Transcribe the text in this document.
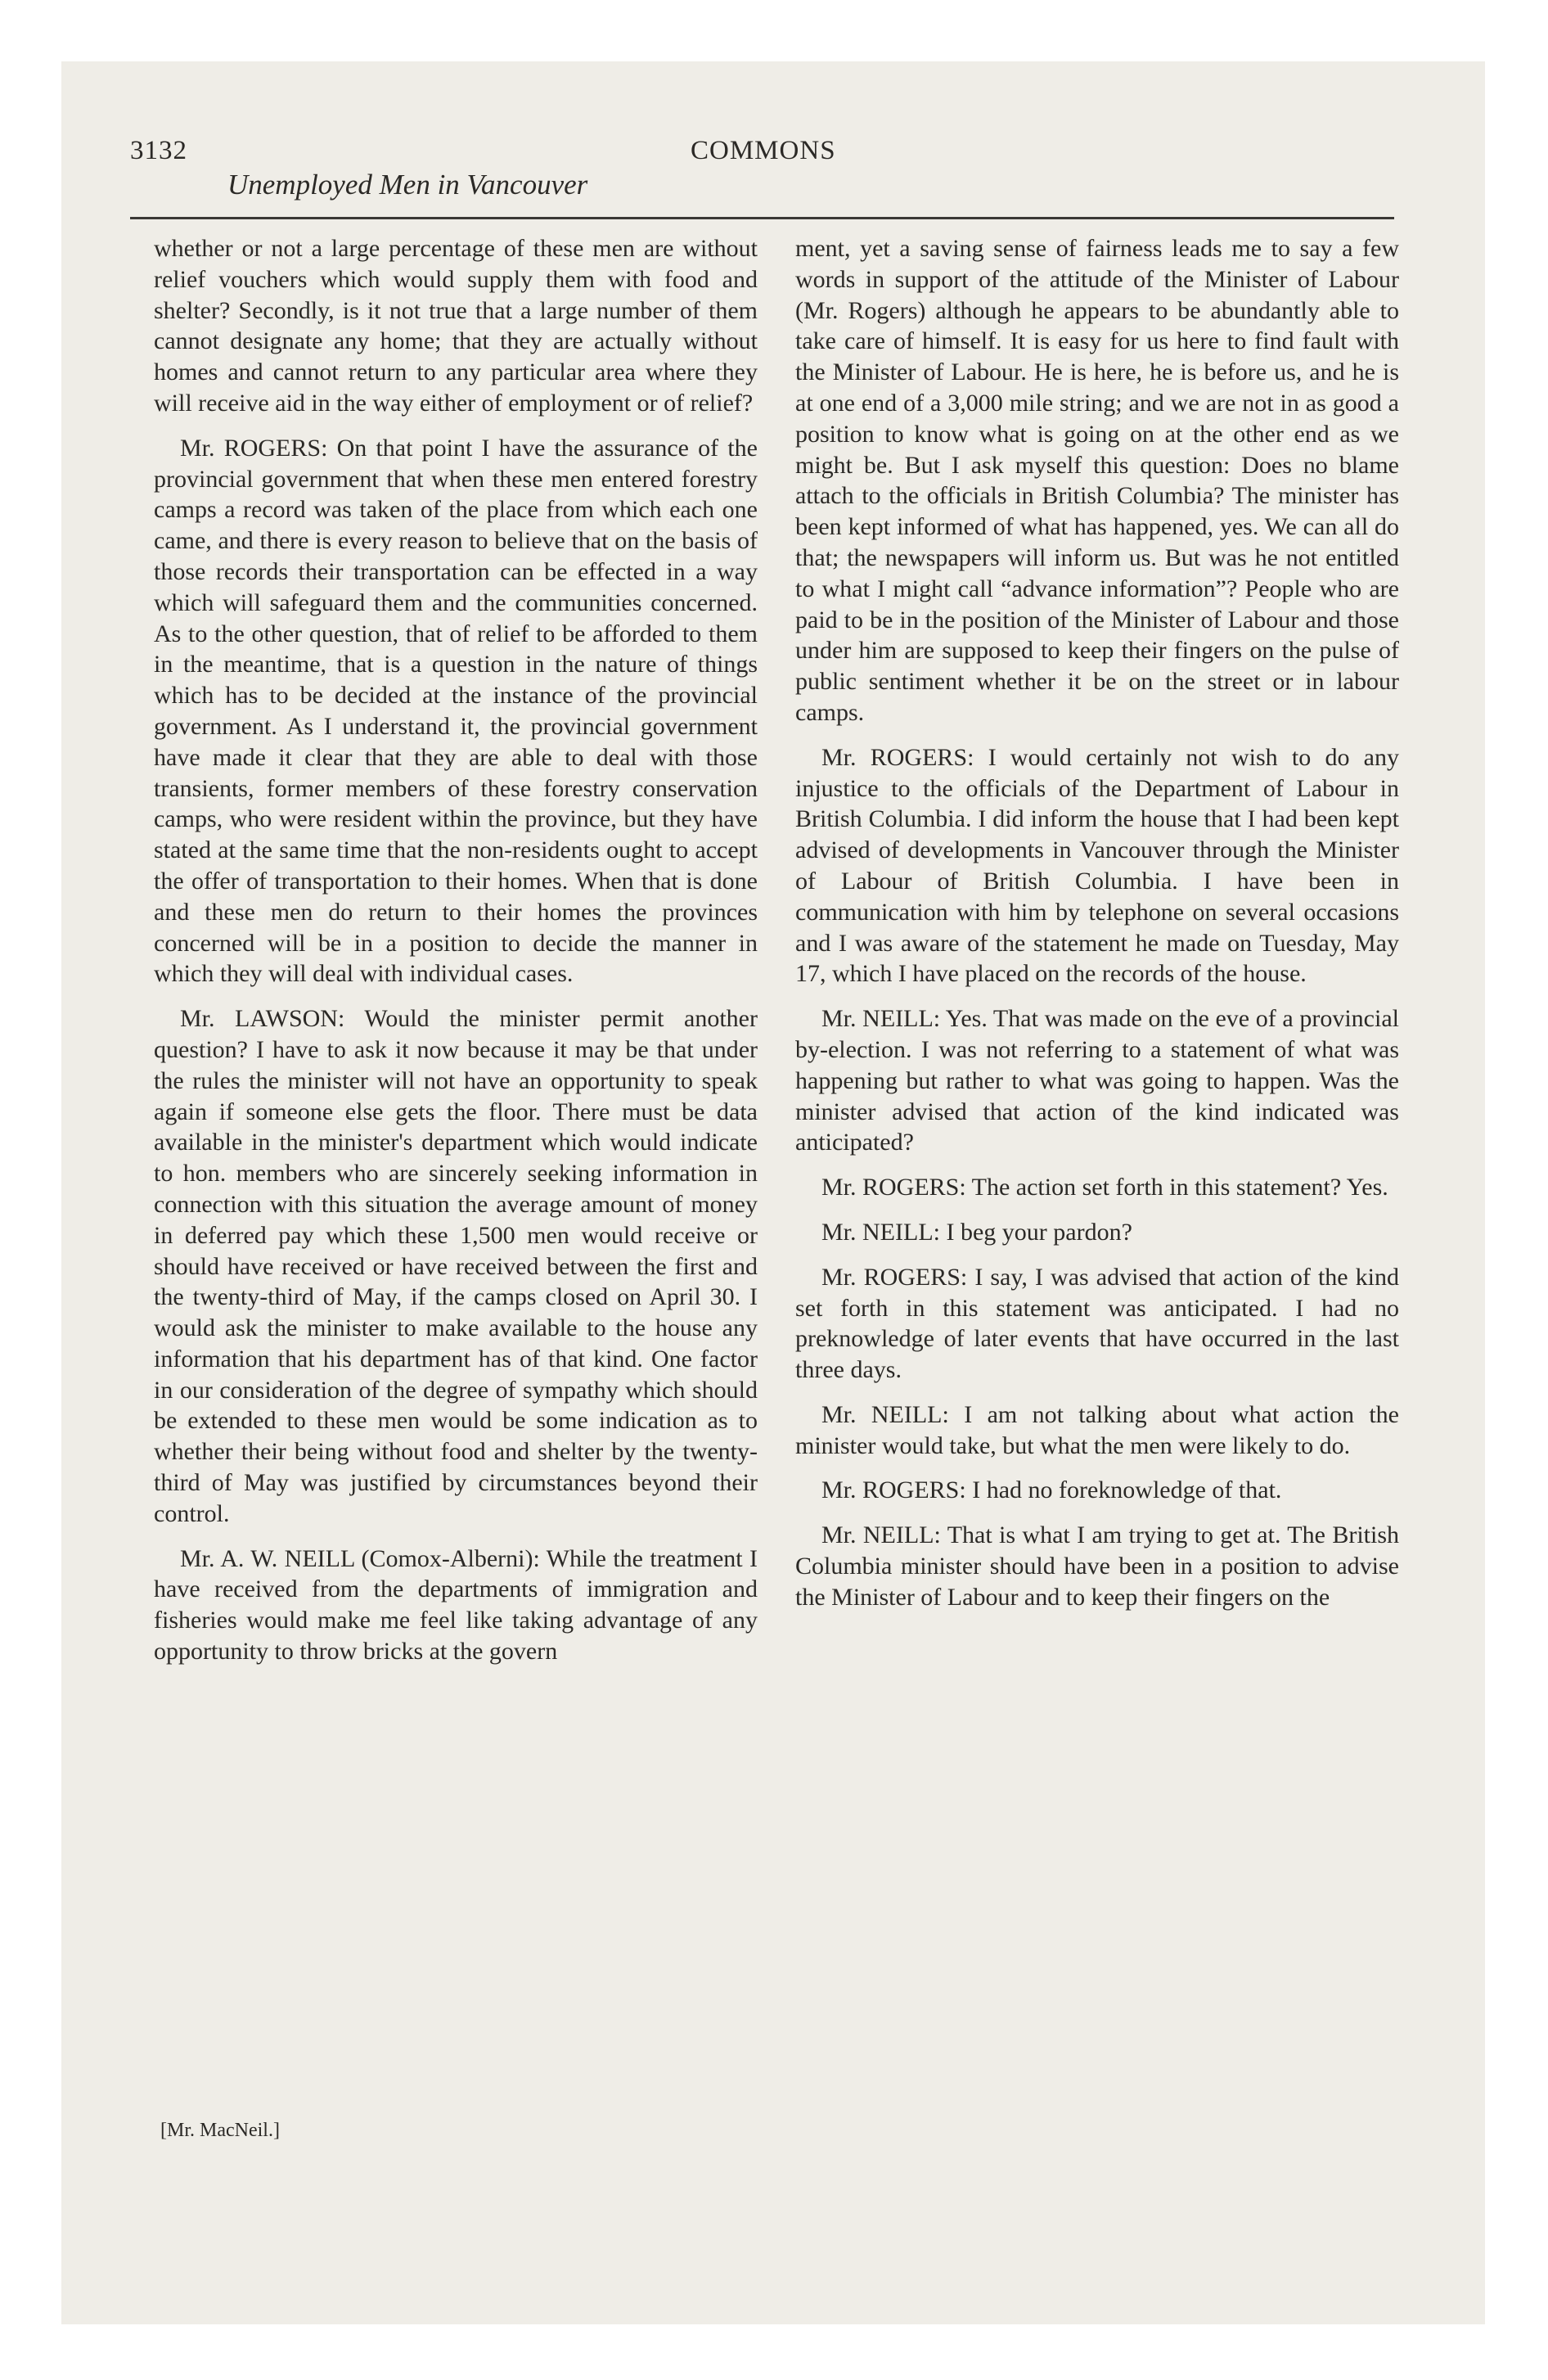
3132	COMMONS
Unemployed Men in Vancouver

whether or not a large percentage of these men are without relief vouchers which would supply them with food and shelter? Secondly, is it not true that a large number of them cannot designate any home; that they are actually without homes and cannot return to any particular area where they will receive aid in the way either of employment or of relief?

Mr. ROGERS: On that point I have the assurance of the provincial government that when these men entered forestry camps a record was taken of the place from which each one came, and there is every reason to believe that on the basis of those records their transportation can be effected in a way which will safeguard them and the communities concerned. As to the other question, that of relief to be afforded to them in the meantime, that is a question in the nature of things which has to be decided at the instance of the provincial government. As I understand it, the provincial government have made it clear that they are able to deal with those transients, former members of these forestry conservation camps, who were resident within the province, but they have stated at the same time that the non-residents ought to accept the offer of transportation to their homes. When that is done and these men do return to their homes the provinces concerned will be in a position to decide the manner in which they will deal with individual cases.

Mr. LAWSON: Would the minister permit another question? I have to ask it now because it may be that under the rules the minister will not have an opportunity to speak again if someone else gets the floor. There must be data available in the minister's department which would indicate to hon. members who are sincerely seeking information in connection with this situation the average amount of money in deferred pay which these 1,500 men would receive or should have received or have received between the first and the twenty-third of May, if the camps closed on April 30. I would ask the minister to make available to the house any information that his department has of that kind. One factor in our consideration of the degree of sympathy which should be extended to these men would be some indication as to whether their being without food and shelter by the twenty-third of May was justified by circumstances beyond their control.

Mr. A. W. NEILL (Comox-Alberni): While the treatment I have received from the departments of immigration and fisheries would make me feel like taking advantage of any opportunity to throw bricks at the govern

ment, yet a saving sense of fairness leads me to say a few words in support of the attitude of the Minister of Labour (Mr. Rogers) although he appears to be abundantly able to take care of himself. It is easy for us here to find fault with the Minister of Labour. He is here, he is before us, and he is at one end of a 3,000 mile string; and we are not in as good a position to know what is going on at the other end as we might be. But I ask myself this question: Does no blame attach to the officials in British Columbia? The minister has been kept informed of what has happened, yes. We can all do that; the newspapers will inform us. But was he not entitled to what I might call “advance information”? People who are paid to be in the position of the Minister of Labour and those under him are supposed to keep their fingers on the pulse of public sentiment whether it be on the street or in labour camps.

Mr. ROGERS: I would certainly not wish to do any injustice to the officials of the Department of Labour in British Columbia. I did inform the house that I had been kept advised of developments in Vancouver through the Minister of Labour of British Columbia. I have been in communication with him by telephone on several occasions and I was aware of the statement he made on Tuesday, May 17, which I have placed on the records of the house.

Mr. NEILL: Yes. That was made on the eve of a provincial by-election. I was not referring to a statement of what was happening but rather to what was going to happen. Was the minister advised that action of the kind indicated was anticipated?

Mr. ROGERS: The action set forth in this statement? Yes.

Mr. NEILL: I beg your pardon?

Mr. ROGERS: I say, I was advised that action of the kind set forth in this statement was anticipated. I had no preknowledge of later events that have occurred in the last three days.

Mr. NEILL: I am not talking about what action the minister would take, but what the men were likely to do.

Mr. ROGERS: I had no foreknowledge of that.

Mr. NEILL: That is what I am trying to get at. The British Columbia minister should have been in a position to advise the Minister of Labour and to keep their fingers on the

[Mr. MacNeil.]
